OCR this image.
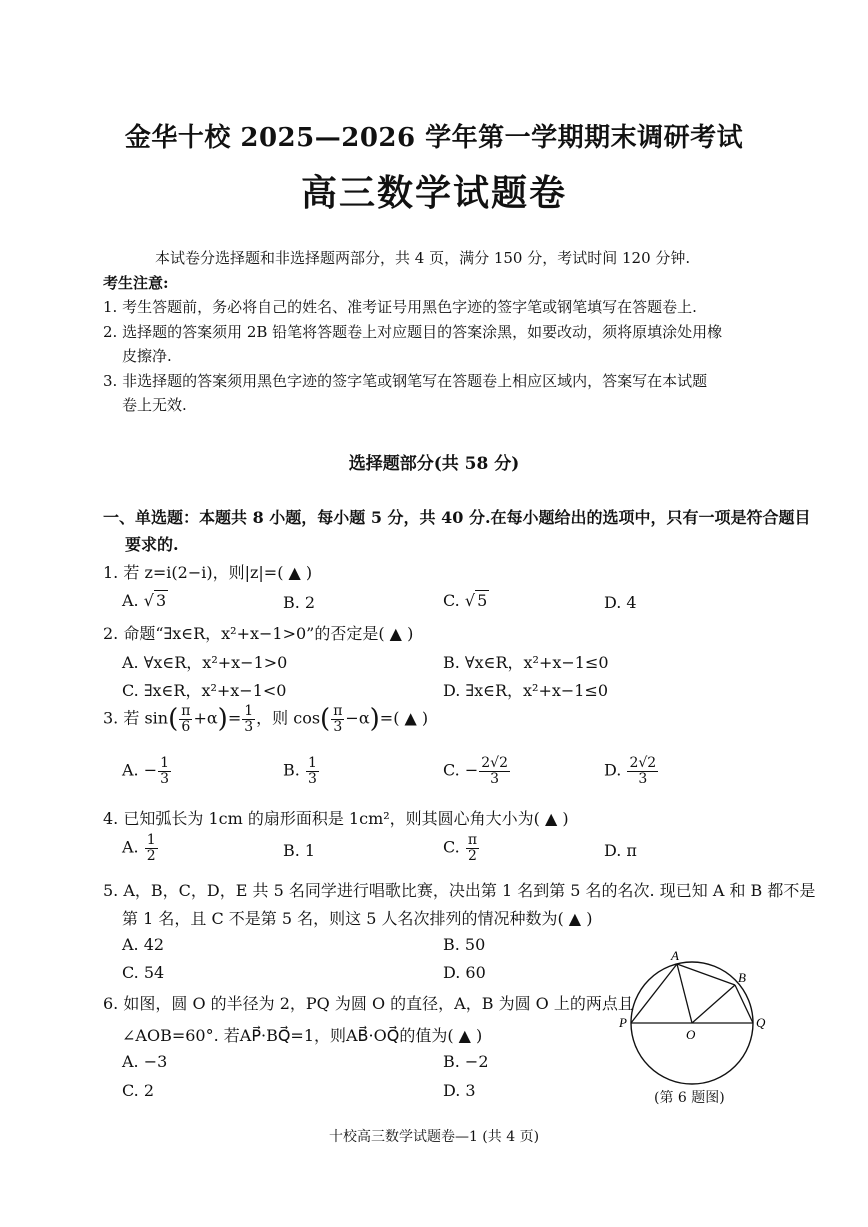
金华十校 2025—2026 学年第一学期期末调研考试
高三数学试题卷
本试卷分选择题和非选择题两部分，共 4 页，满分 150 分，考试时间 120 分钟.
考生注意:
1. 考生答题前，务必将自己的姓名、准考证号用黑色字迹的签字笔或钢笔填写在答题卷上.
2. 选择题的答案须用 2B 铅笔将答题卷上对应题目的答案涂黑，如要改动，须将原填涂处用橡
皮擦净.
3. 非选择题的答案须用黑色字迹的签字笔或钢笔写在答题卷上相应区域内，答案写在本试题
卷上无效.
选择题部分(共 58 分)
一、单选题：本题共 8 小题，每小题 5 分，共 40 分.在每小题给出的选项中，只有一项是符合题目
要求的.
1. 若 z=i(2−i)，则|z|=( ▲ )
A. √ 3	B. 2	C. √ 5	D. 4
2. 命题“∃x∈R，x²+x−1>0”的否定是( ▲ )
A. ∀x∈R，x²+x−1>0	B. ∀x∈R，x²+x−1≤0
C. ∃x∈R，x²+x−1<0	D. ∃x∈R，x²+x−1≤0
3. 若 $\sin( \frac{\pi}{6} +\alpha)= \frac{1}{3}$ ，则 $\cos( \frac{\pi}{3} -\alpha)=$( ▲ )
A. − $\frac{1}{3}$	B. $\frac{1}{3}$	C. − $\frac{2√2}{3}$	D. $\frac{2√2}{3}$
4. 已知弧长为 1cm 的扇形面积是 1cm²，则其圆心角大小为( ▲ )
A. $\frac{1}{2}$	B. 1	C. $\frac{\pi}{2}$	D. π
5. A，B，C，D，E 共 5 名同学进行唱歌比赛，决出第 1 名到第 5 名的名次. 现已知 A 和 B 都不是
第 1 名，且 C 不是第 5 名，则这 5 人名次排列的情况种数为( ▲ )
A. 42	B. 50
C. 54	D. 60
6. 如图，圆 O 的半径为 2，PQ 为圆 O 的直径，A，B 为圆 O 上的两点且
∠AOB=60°. 若AP⃗·BQ⃗=1，则AB⃗·OQ⃗的值为( ▲ )
A. −3	B. −2
C. 2	D. 3
A
B
P
O
Q
(第 6 题图)
十校高三数学试题卷—1 (共 4 页)
